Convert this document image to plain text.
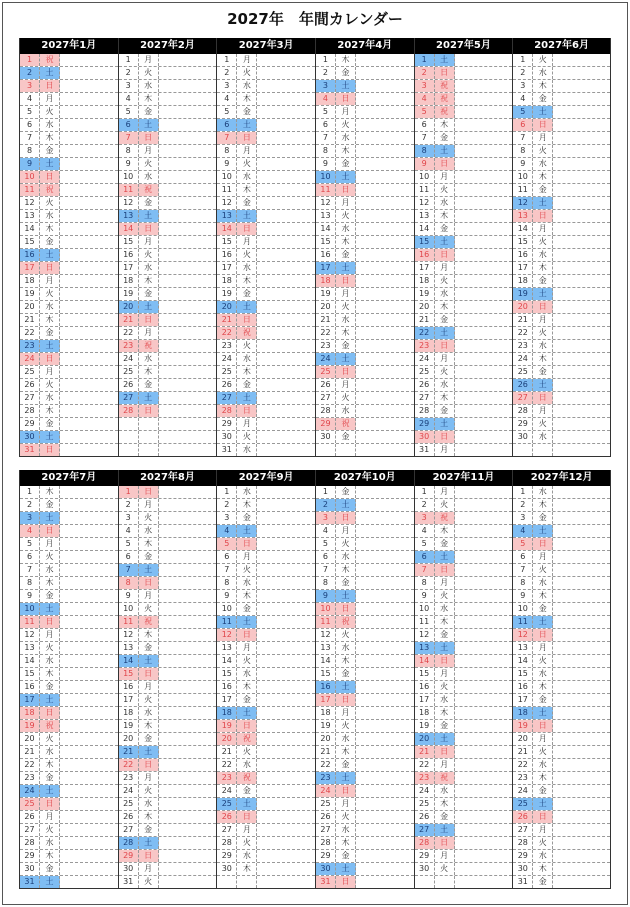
2027年　年間カレンダー
2027年1月
1	祝
2	土
3	日
4	月
5	火
6	水
7	木
8	金
9	土
10	日
11	祝
12	火
13	水
14	木
15	金
16	土
17	日
18	月
19	火
20	水
21	木
22	金
23	土
24	日
25	月
26	火
27	水
28	木
29	金
30	土
31	日
2027年2月
1	月
2	火
3	水
4	木
5	金
6	土
7	日
8	月
9	火
10	水
11	祝
12	金
13	土
14	日
15	月
16	火
17	水
18	木
19	金
20	土
21	日
22	月
23	祝
24	水
25	木
26	金
27	土
28	日
2027年3月
1	月
2	火
3	水
4	木
5	金
6	土
7	日
8	月
9	火
10	水
11	木
12	金
13	土
14	日
15	月
16	火
17	水
18	木
19	金
20	土
21	日
22	祝
23	火
24	水
25	木
26	金
27	土
28	日
29	月
30	火
31	水
2027年4月
1	木
2	金
3	土
4	日
5	月
6	火
7	水
8	木
9	金
10	土
11	日
12	月
13	火
14	水
15	木
16	金
17	土
18	日
19	月
20	火
21	水
22	木
23	金
24	土
25	日
26	月
27	火
28	水
29	祝
30	金
2027年5月
1	土
2	日
3	祝
4	祝
5	祝
6	木
7	金
8	土
9	日
10	月
11	火
12	水
13	木
14	金
15	土
16	日
17	月
18	火
19	水
20	木
21	金
22	土
23	日
24	月
25	火
26	水
27	木
28	金
29	土
30	日
31	月
2027年6月
1	火
2	水
3	木
4	金
5	土
6	日
7	月
8	火
9	水
10	木
11	金
12	土
13	日
14	月
15	火
16	水
17	木
18	金
19	土
20	日
21	月
22	火
23	水
24	木
25	金
26	土
27	日
28	月
29	火
30	水
2027年7月
1	木
2	金
3	土
4	日
5	月
6	火
7	水
8	木
9	金
10	土
11	日
12	月
13	火
14	水
15	木
16	金
17	土
18	日
19	祝
20	火
21	水
22	木
23	金
24	土
25	日
26	月
27	火
28	水
29	木
30	金
31	土
2027年8月
1	日
2	月
3	火
4	水
5	木
6	金
7	土
8	日
9	月
10	火
11	祝
12	木
13	金
14	土
15	日
16	月
17	火
18	水
19	木
20	金
21	土
22	日
23	月
24	火
25	水
26	木
27	金
28	土
29	日
30	月
31	火
2027年9月
1	水
2	木
3	金
4	土
5	日
6	月
7	火
8	水
9	木
10	金
11	土
12	日
13	月
14	火
15	水
16	木
17	金
18	土
19	日
20	祝
21	火
22	水
23	祝
24	金
25	土
26	日
27	月
28	火
29	水
30	木
2027年10月
1	金
2	土
3	日
4	月
5	火
6	水
7	木
8	金
9	土
10	日
11	祝
12	火
13	水
14	木
15	金
16	土
17	日
18	月
19	火
20	水
21	木
22	金
23	土
24	日
25	月
26	火
27	水
28	木
29	金
30	土
31	日
2027年11月
1	月
2	火
3	祝
4	木
5	金
6	土
7	日
8	月
9	火
10	水
11	木
12	金
13	土
14	日
15	月
16	火
17	水
18	木
19	金
20	土
21	日
22	月
23	祝
24	水
25	木
26	金
27	土
28	日
29	月
30	火
2027年12月
1	水
2	木
3	金
4	土
5	日
6	月
7	火
8	水
9	木
10	金
11	土
12	日
13	月
14	火
15	水
16	木
17	金
18	土
19	日
20	月
21	火
22	水
23	木
24	金
25	土
26	日
27	月
28	火
29	水
30	木
31	金
